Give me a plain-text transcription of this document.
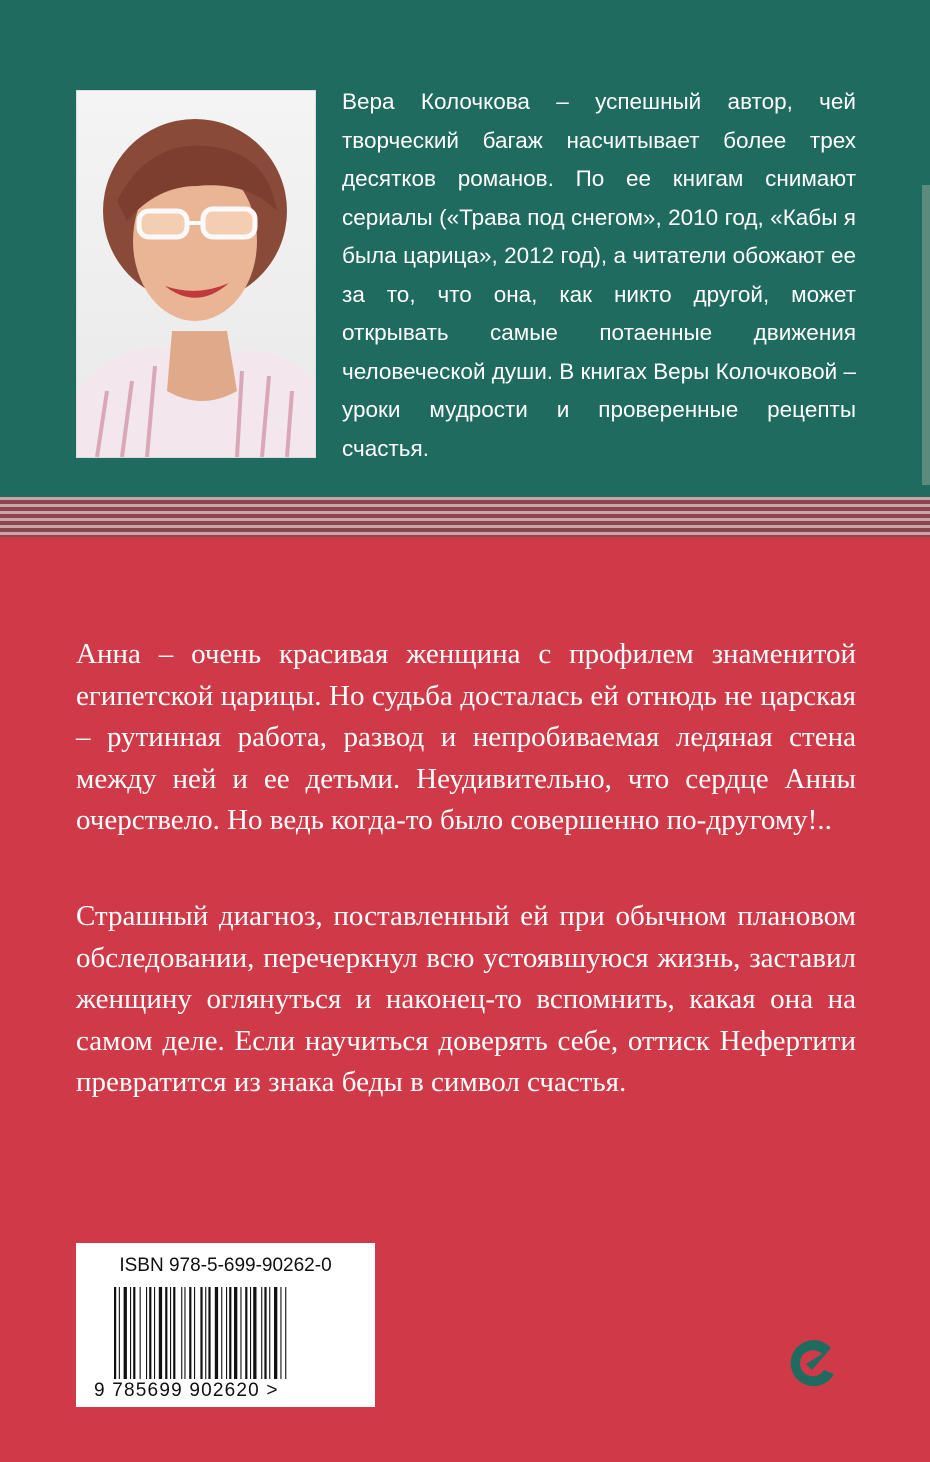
Вера Колочкова – успешный автор, чей творческий багаж насчитывает более трех десятков романов. По ее книгам снимают сериалы («Трава под снегом», 2010 год, «Кабы я была царица», 2012 год), а читатели обожают ее за то, что она, как никто другой, может открывать самые потаенные движения человеческой души. В книгах Веры Колочковой – уроки мудрости и проверенные рецепты счастья.
Анна – очень красивая женщина с профилем знаменитой египетской царицы. Но судьба досталась ей отнюдь не царская – рутинная работа, развод и непробиваемая ледяная стена между ней и ее детьми. Неудивительно, что сердце Анны очерствело. Но ведь когда-то было совершенно по-другому!..
Страшный диагноз, поставленный ей при обычном плановом обследовании, перечеркнул всю устоявшуюся жизнь, заставил женщину оглянуться и наконец-то вспомнить, какая она на самом деле. Если научиться доверять себе, оттиск Нефертити превратится из знака беды в символ счастья.
ISBN 978-5-699-90262-0
9 785699 902620 >
